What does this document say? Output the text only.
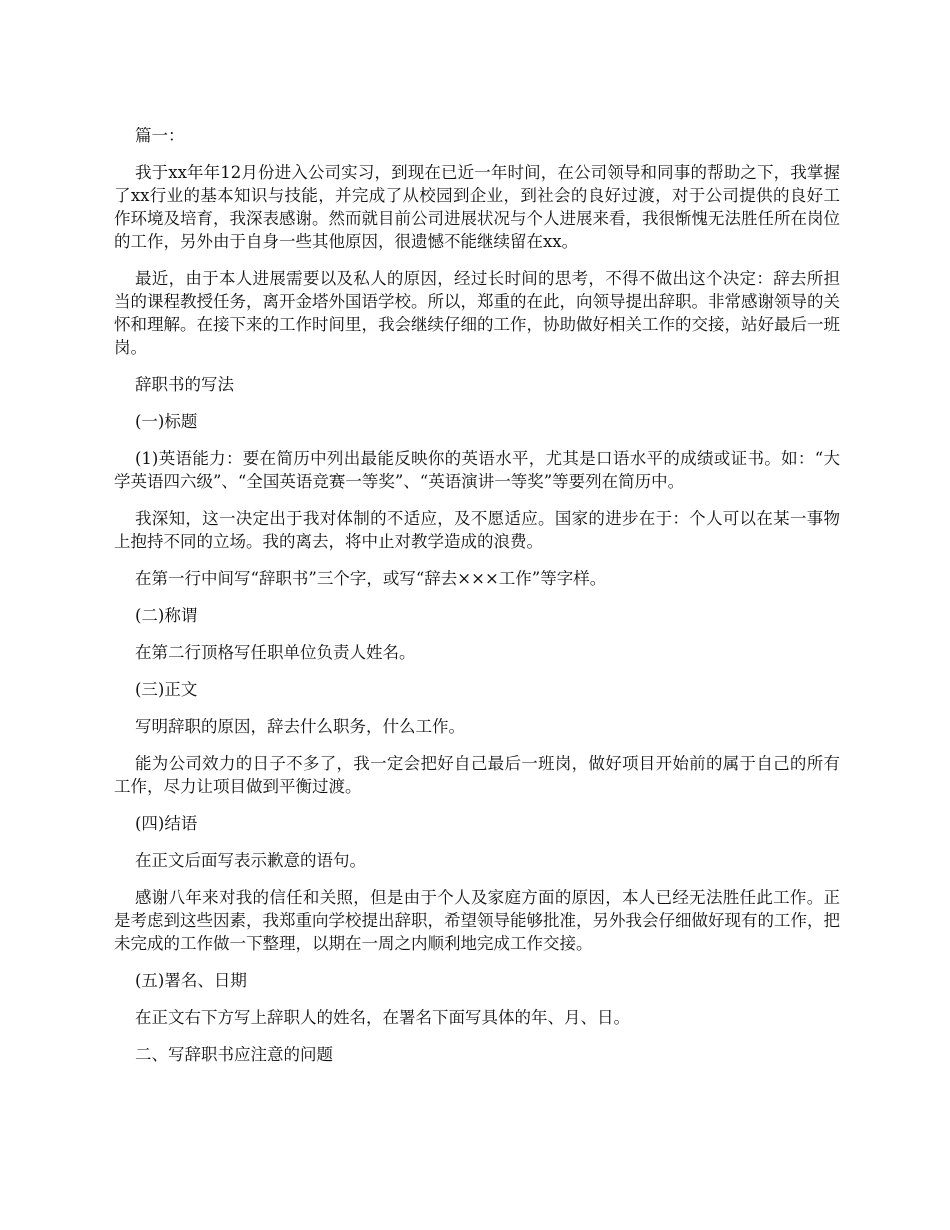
篇一：

我于xx年年12月份进入公司实习，到现在已近一年时间，在公司领导和同事的帮助之下，我掌握了xx行业的基本知识与技能，并完成了从校园到企业，到社会的良好过渡，对于公司提供的良好工作环境及培育，我深表感谢。然而就目前公司进展状况与个人进展来看，我很惭愧无法胜任所在岗位的工作，另外由于自身一些其他原因，很遗憾不能继续留在xx。

最近，由于本人进展需要以及私人的原因，经过长时间的思考，不得不做出这个决定：辞去所担当的课程教授任务，离开金塔外国语学校。所以，郑重的在此，向领导提出辞职。非常感谢领导的关怀和理解。在接下来的工作时间里，我会继续仔细的工作，协助做好相关工作的交接，站好最后一班岗。

辞职书的写法

(一)标题

(1)英语能力：要在简历中列出最能反映你的英语水平，尤其是口语水平的成绩或证书。如：“大学英语四六级”、“全国英语竞赛一等奖”、“英语演讲一等奖”等要列在简历中。

我深知，这一决定出于我对体制的不适应，及不愿适应。国家的进步在于：个人可以在某一事物上抱持不同的立场。我的离去，将中止对教学造成的浪费。

在第一行中间写“辞职书”三个字，或写“辞去×××工作”等字样。

(二)称谓

在第二行顶格写任职单位负责人姓名。

(三)正文

写明辞职的原因，辞去什么职务，什么工作。

能为公司效力的日子不多了，我一定会把好自己最后一班岗，做好项目开始前的属于自己的所有工作，尽力让项目做到平衡过渡。

(四)结语

在正文后面写表示歉意的语句。

感谢八年来对我的信任和关照，但是由于个人及家庭方面的原因，本人已经无法胜任此工作。正是考虑到这些因素，我郑重向学校提出辞职，希望领导能够批准，另外我会仔细做好现有的工作，把未完成的工作做一下整理，以期在一周之内顺利地完成工作交接。

(五)署名、日期

在正文右下方写上辞职人的姓名，在署名下面写具体的年、月、日。

二、写辞职书应注意的问题
